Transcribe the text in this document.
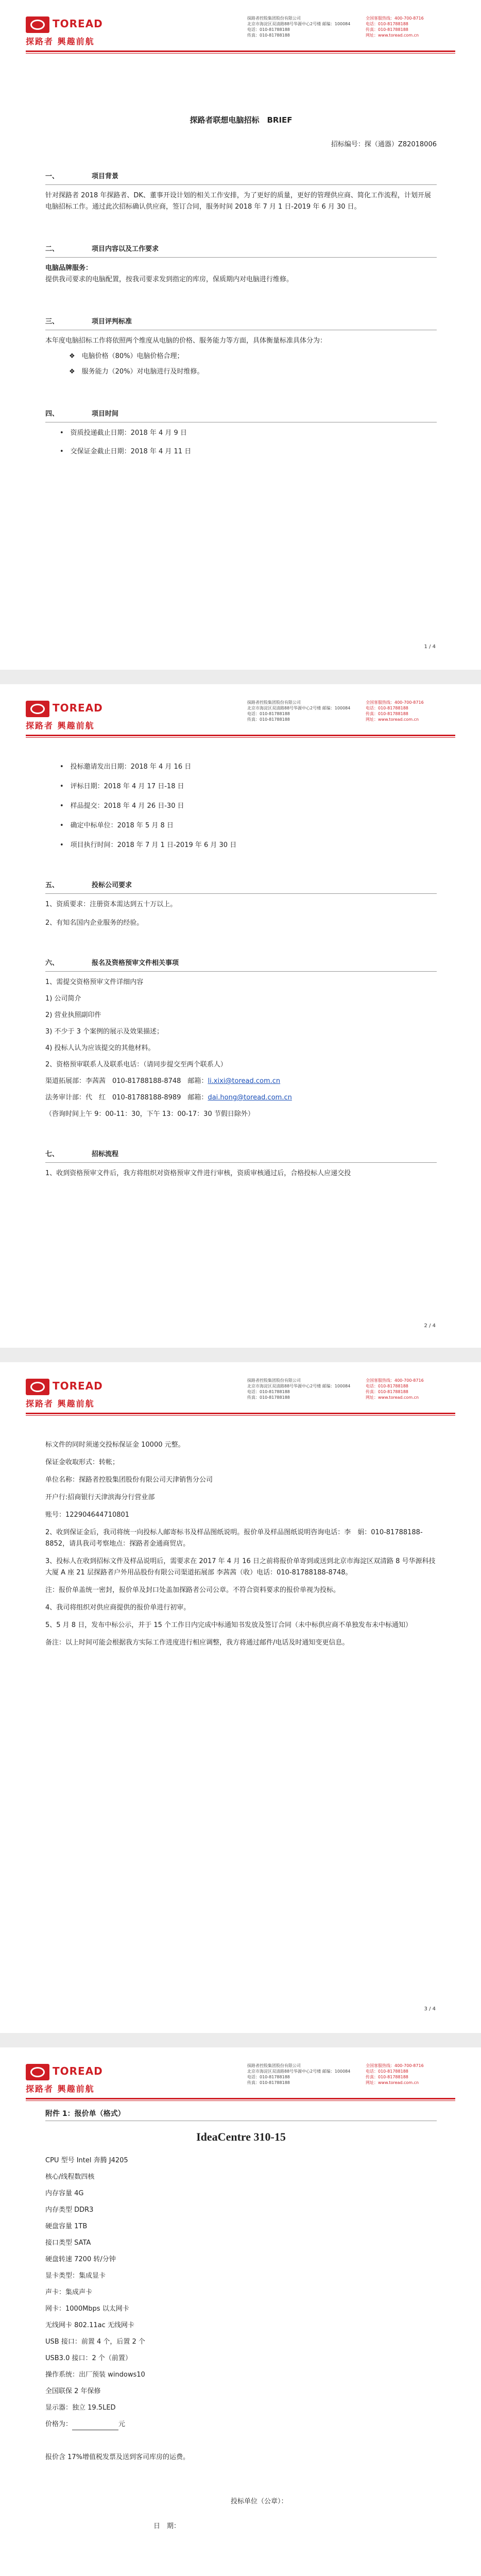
TOREAD
探路者 興趣前航
探路者控股集团股份有限公司
北京市海淀区双清路88号华源中心2号楼 邮编：100084
电话：010-81788188
传真：010-81788188
全国客服热线：400-700-8716
电话：010-81788188
传真：010-81788188
网址：www.toread.com.cn

探路者联想电脑招标　BRIEF

招标编号：探（通器）Z82018006

一、	项目背景

针对探路者 2018 年探路者、DK、董事开设计划的相关工作安排，为了更好的质量，更好的管理供应商、简化工作流程，计划开展电脑招标工作。通过此次招标确认供应商，签订合同，服务时间 2018 年 7 月 1 日-2019 年 6 月 30 日。

二、	项目内容以及工作要求

电脑品牌服务：

提供我司要求的电脑配置，按我司要求发到指定的库房，保质期内对电脑进行维修。

三、	项目评判标准

本年度电脑招标工作将依照两个维度从电脑的价格、服务能力等方面，具体衡量标准具体分为：

❖　电脑价格（80%）电脑价格合理；

❖　服务能力（20%）对电脑进行及时维修。

四、	项目时间

•　资质投递截止日期：2018 年 4 月 9 日

•　交保证金截止日期：2018 年 4 月 11 日

1 / 4
TOREAD
探路者 興趣前航
探路者控股集团股份有限公司
北京市海淀区双清路88号华源中心2号楼 邮编：100084
电话：010-81788188
传真：010-81788188
全国客服热线：400-700-8716
电话：010-81788188
传真：010-81788188
网址：www.toread.com.cn

•　投标邀请发出日期：2018 年 4 月 16 日

•　评标日期：2018 年 4 月 17 日-18 日

•　样品提交：2018 年 4 月 26 日-30 日

•　确定中标单位：2018 年 5 月 8 日

•　项目执行时间：2018 年 7 月 1 日-2019 年 6 月 30 日

五、	投标公司要求

1、资质要求：注册资本需达到五十万以上。

2、有知名国内企业服务的经验。

六、	报名及资格预审文件相关事项

1、需提交资格预审文件详细内容

1) 公司简介

2) 营业执照副印件

3) 不少于 3 个案例的展示及效果描述；

4) 投标人认为应该提交的其他材料。

2、资格预审联系人及联系电话：（请同步提交至两个联系人）

渠道拓展部：李茜茜　010-81788188-8748　邮箱：li.xixi@toread.com.cn

法务审计部：代　红　010-81788188-8989　邮箱：dai.hong@toread.com.cn

（咨询时间上午 9：00-11：30，下午 13：00-17：30 节假日除外）

七、	招标流程

1、收到资格预审文件后，我方将组织对资格预审文件进行审核，资质审核通过后，合格投标人应递交投

2 / 4
TOREAD
探路者 興趣前航
探路者控股集团股份有限公司
北京市海淀区双清路88号华源中心2号楼 邮编：100084
电话：010-81788188
传真：010-81788188
全国客服热线：400-700-8716
电话：010-81788188
传真：010-81788188
网址：www.toread.com.cn

标文件的同时须递交投标保证金 10000 元整。

保证金收取形式：转帐；

单位名称：探路者控股集团股份有限公司天津销售分公司

开户行:招商银行天津滨海分行营业部

账号：122904644710801

2、收到保证金后，我司将统一向投标人邮寄标书及样品图纸说明。报价单及样品图纸说明咨询电话：李　娟：010-81788188-8852，请具我司考察地点：探路者金通商贸店。

3、投标人在收到招标文件及样品说明后，需要求在 2017 年 4 月 16 日之前将报价单寄到或送到北京市海淀区双清路 8 号华源科技大厦 A 座 21 层探路者户外用品股份有限公司渠道拓展部 李茜茜（收）电话：010-81788188-8748。

注：报价单盖统一密封，报价单及封口处盖加探路者公司公章。不符合资料要求的报价单视为投标。

4、我司将组织对供应商提供的报价单进行初审。

5、5 月 8 日，发布中标公示，并于 15 个工作日内完成中标通知书发放及签订合同（未中标供应商不单独发布未中标通知）

备注：以上时间可能会根据我方实际工作进度进行相应调整，我方将通过邮件/电话及时通知变更信息。

3 / 4
TOREAD
探路者 興趣前航
探路者控股集团股份有限公司
北京市海淀区双清路88号华源中心2号楼 邮编：100084
电话：010-81788188
传真：010-81788188
全国客服热线：400-700-8716
电话：010-81788188
传真：010-81788188
网址：www.toread.com.cn

附件 1：报价单（格式）

IdeaCentre 310-15

CPU 型号 Intel 奔腾 J4205

核心/线程数四核

内存容量 4G

内存类型 DDR3

硬盘容量 1TB

接口类型 SATA

硬盘转速 7200 转/分钟

显卡类型：集成显卡

声卡：集成声卡

网卡：1000Mbps 以太网卡

无线网卡 802.11ac 无线网卡

USB 接口：前置 4 个，后置 2 个

USB3.0 接口：2 个（前置）

操作系统：出厂预装 windows10

全国联保 2 年保修

显示器：独立 19.5LED

价格为：	元

报价含 17%增值税发票及送到客司库房的运费。

投标单位（公章）：

日　期：
